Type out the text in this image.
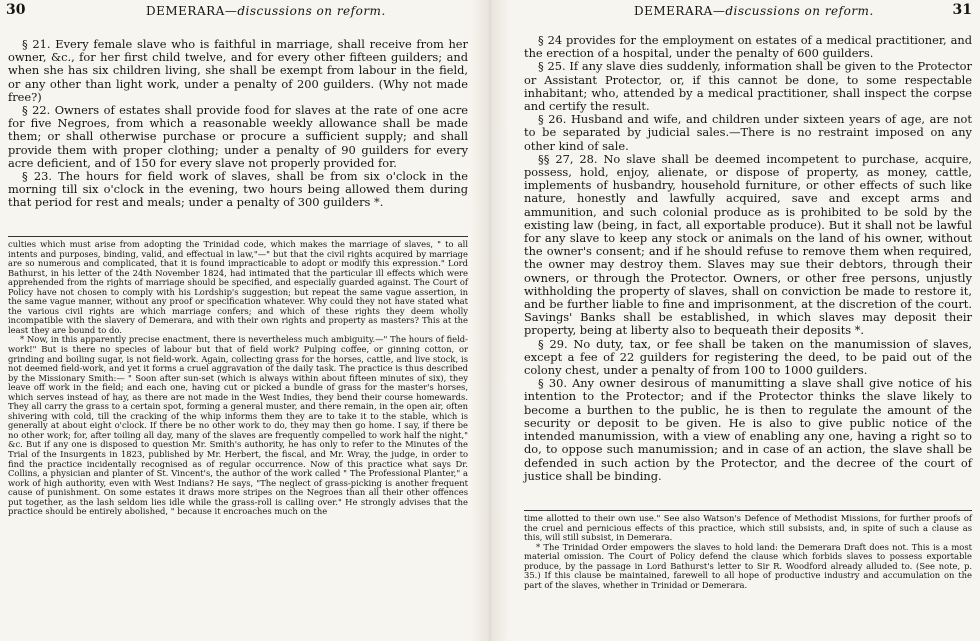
30	DEMERARA—discussions on reform.

§ 21. Every female slave who is faithful in marriage, shall receive from her owner, &c., for her first child twelve, and for every other fifteen guilders; and when she has six children living, she shall be exempt from labour in the field, or any other than light work, under a penalty of 200 guilders. (Why not made free?)

§ 22. Owners of estates shall provide food for slaves at the rate of one acre for five Negroes, from which a reasonable weekly allowance shall be made them; or shall otherwise purchase or procure a sufficient supply; and shall provide them with proper clothing; under a penalty of 90 guilders for every acre deficient, and of 150 for every slave not properly provided for.

§ 23. The hours for field work of slaves, shall be from six o'clock in the morning till six o'clock in the evening, two hours being allowed them during that period for rest and meals; under a penalty of 300 guilders *.

culties which must arise from adopting the Trinidad code, which makes the marriage of slaves, " to all intents and purposes, binding, valid, and effectual in law,"—" but that the civil rights acquired by marriage are so numerous and complicated, that it is found impracticable to adopt or modify this expression." Lord Bathurst, in his letter of the 24th November 1824, had intimated that the particular ill effects which were apprehended from the rights of marriage should be specified, and especially guarded against. The Court of Policy have not chosen to comply with his Lordship's suggestion; but repeat the same vague assertion, in the same vague manner, without any proof or specification whatever. Why could they not have stated what the various civil rights are which marriage confers; and which of these rights they deem wholly incompatible with the slavery of Demerara, and with their own rights and property as masters? This at the least they are bound to do.

* Now, in this apparently precise enactment, there is nevertheless much ambiguity.—" The hours of field-work!" But is there no species of labour but that of field work? Pulping coffee, or ginning cotton, or grinding and boiling sugar, is not field-work. Again, collecting grass for the horses, cattle, and live stock, is not deemed field-work, and yet it forms a cruel aggravation of the daily task. The practice is thus described by the Missionary Smith:— " Soon after sun-set (which is always within about fifteen minutes of six), they leave off work in the field; and each one, having cut or picked a bundle of grass for the master's horses, which serves instead of hay, as there are not made in the West Indies, they bend their course homewards. They all carry the grass to a certain spot, forming a general muster, and there remain, in the open air, often shivering with cold, till the cracking of the whip informs them they are to take it to the stable, which is generally at about eight o'clock. If there be no other work to do, they may then go home. I say, if there be no other work; for, after toiling all day, many of the slaves are frequently compelled to work half the night," &c. But if any one is disposed to question Mr. Smith's authority, he has only to refer to the Minutes of the Trial of the Insurgents in 1823, published by Mr. Herbert, the fiscal, and Mr. Wray, the judge, in order to find the practice incidentally recognised as of regular occurrence. Now of this practice what says Dr. Collins, a physician and planter of St. Vincent's, the author of the work called " The Professional Planter," a work of high authority, even with West Indians? He says, "The neglect of grass-picking is another frequent cause of punishment. On some estates it draws more stripes on the Negroes than all their other offences put together, as the lash seldom lies idle while the grass-roll is calling over." He strongly advises that the practice should be entirely abolished, " because it encroaches much on the

DEMERARA—discussions on reform.	31

§ 24 provides for the employment on estates of a medical practitioner, and the erection of a hospital, under the penalty of 600 guilders.

§ 25. If any slave dies suddenly, information shall be given to the Protector or Assistant Protector, or, if this cannot be done, to some respectable inhabitant; who, attended by a medical practitioner, shall inspect the corpse and certify the result.

§ 26. Husband and wife, and children under sixteen years of age, are not to be separated by judicial sales.—There is no restraint imposed on any other kind of sale.

§§ 27, 28. No slave shall be deemed incompetent to purchase, acquire, possess, hold, enjoy, alienate, or dispose of property, as money, cattle, implements of husbandry, household furniture, or other effects of such like nature, honestly and lawfully acquired, save and except arms and ammunition, and such colonial produce as is prohibited to be sold by the existing law (being, in fact, all exportable produce). But it shall not be lawful for any slave to keep any stock or animals on the land of his owner, without the owner's consent; and if he should refuse to remove them when required, the owner may destroy them. Slaves may sue their debtors, through their owners, or through the Protector. Owners, or other free persons, unjustly withholding the property of slaves, shall on conviction be made to restore it, and be further liable to fine and imprisonment, at the discretion of the court. Savings' Banks shall be established, in which slaves may deposit their property, being at liberty also to bequeath their deposits *.

§ 29. No duty, tax, or fee shall be taken on the manumission of slaves, except a fee of 22 guilders for registering the deed, to be paid out of the colony chest, under a penalty of from 100 to 1000 guilders.

§ 30. Any owner desirous of manumitting a slave shall give notice of his intention to the Protector; and if the Protector thinks the slave likely to become a burthen to the public, he is then to regulate the amount of the security or deposit to be given. He is also to give public notice of the intended manumission, with a view of enabling any one, having a right so to do, to oppose such manumission; and in case of an action, the slave shall be defended in such action by the Protector, and the decree of the court of justice shall be binding.

time allotted to their own use." See also Watson's Defence of Methodist Missions, for further proofs of the cruel and pernicious effects of this practice, which still subsists, and, in spite of such a clause as this, will still subsist, in Demerara.

* The Trinidad Order empowers the slaves to hold land: the Demerara Draft does not. This is a most material omission. The Court of Policy defend the clause which forbids slaves to possess exportable produce, by the passage in Lord Bathurst's letter to Sir R. Woodford already alluded to. (See note, p. 35.) If this clause be maintained, farewell to all hope of productive industry and accumulation on the part of the slaves, whether in Trinidad or Demerara.
